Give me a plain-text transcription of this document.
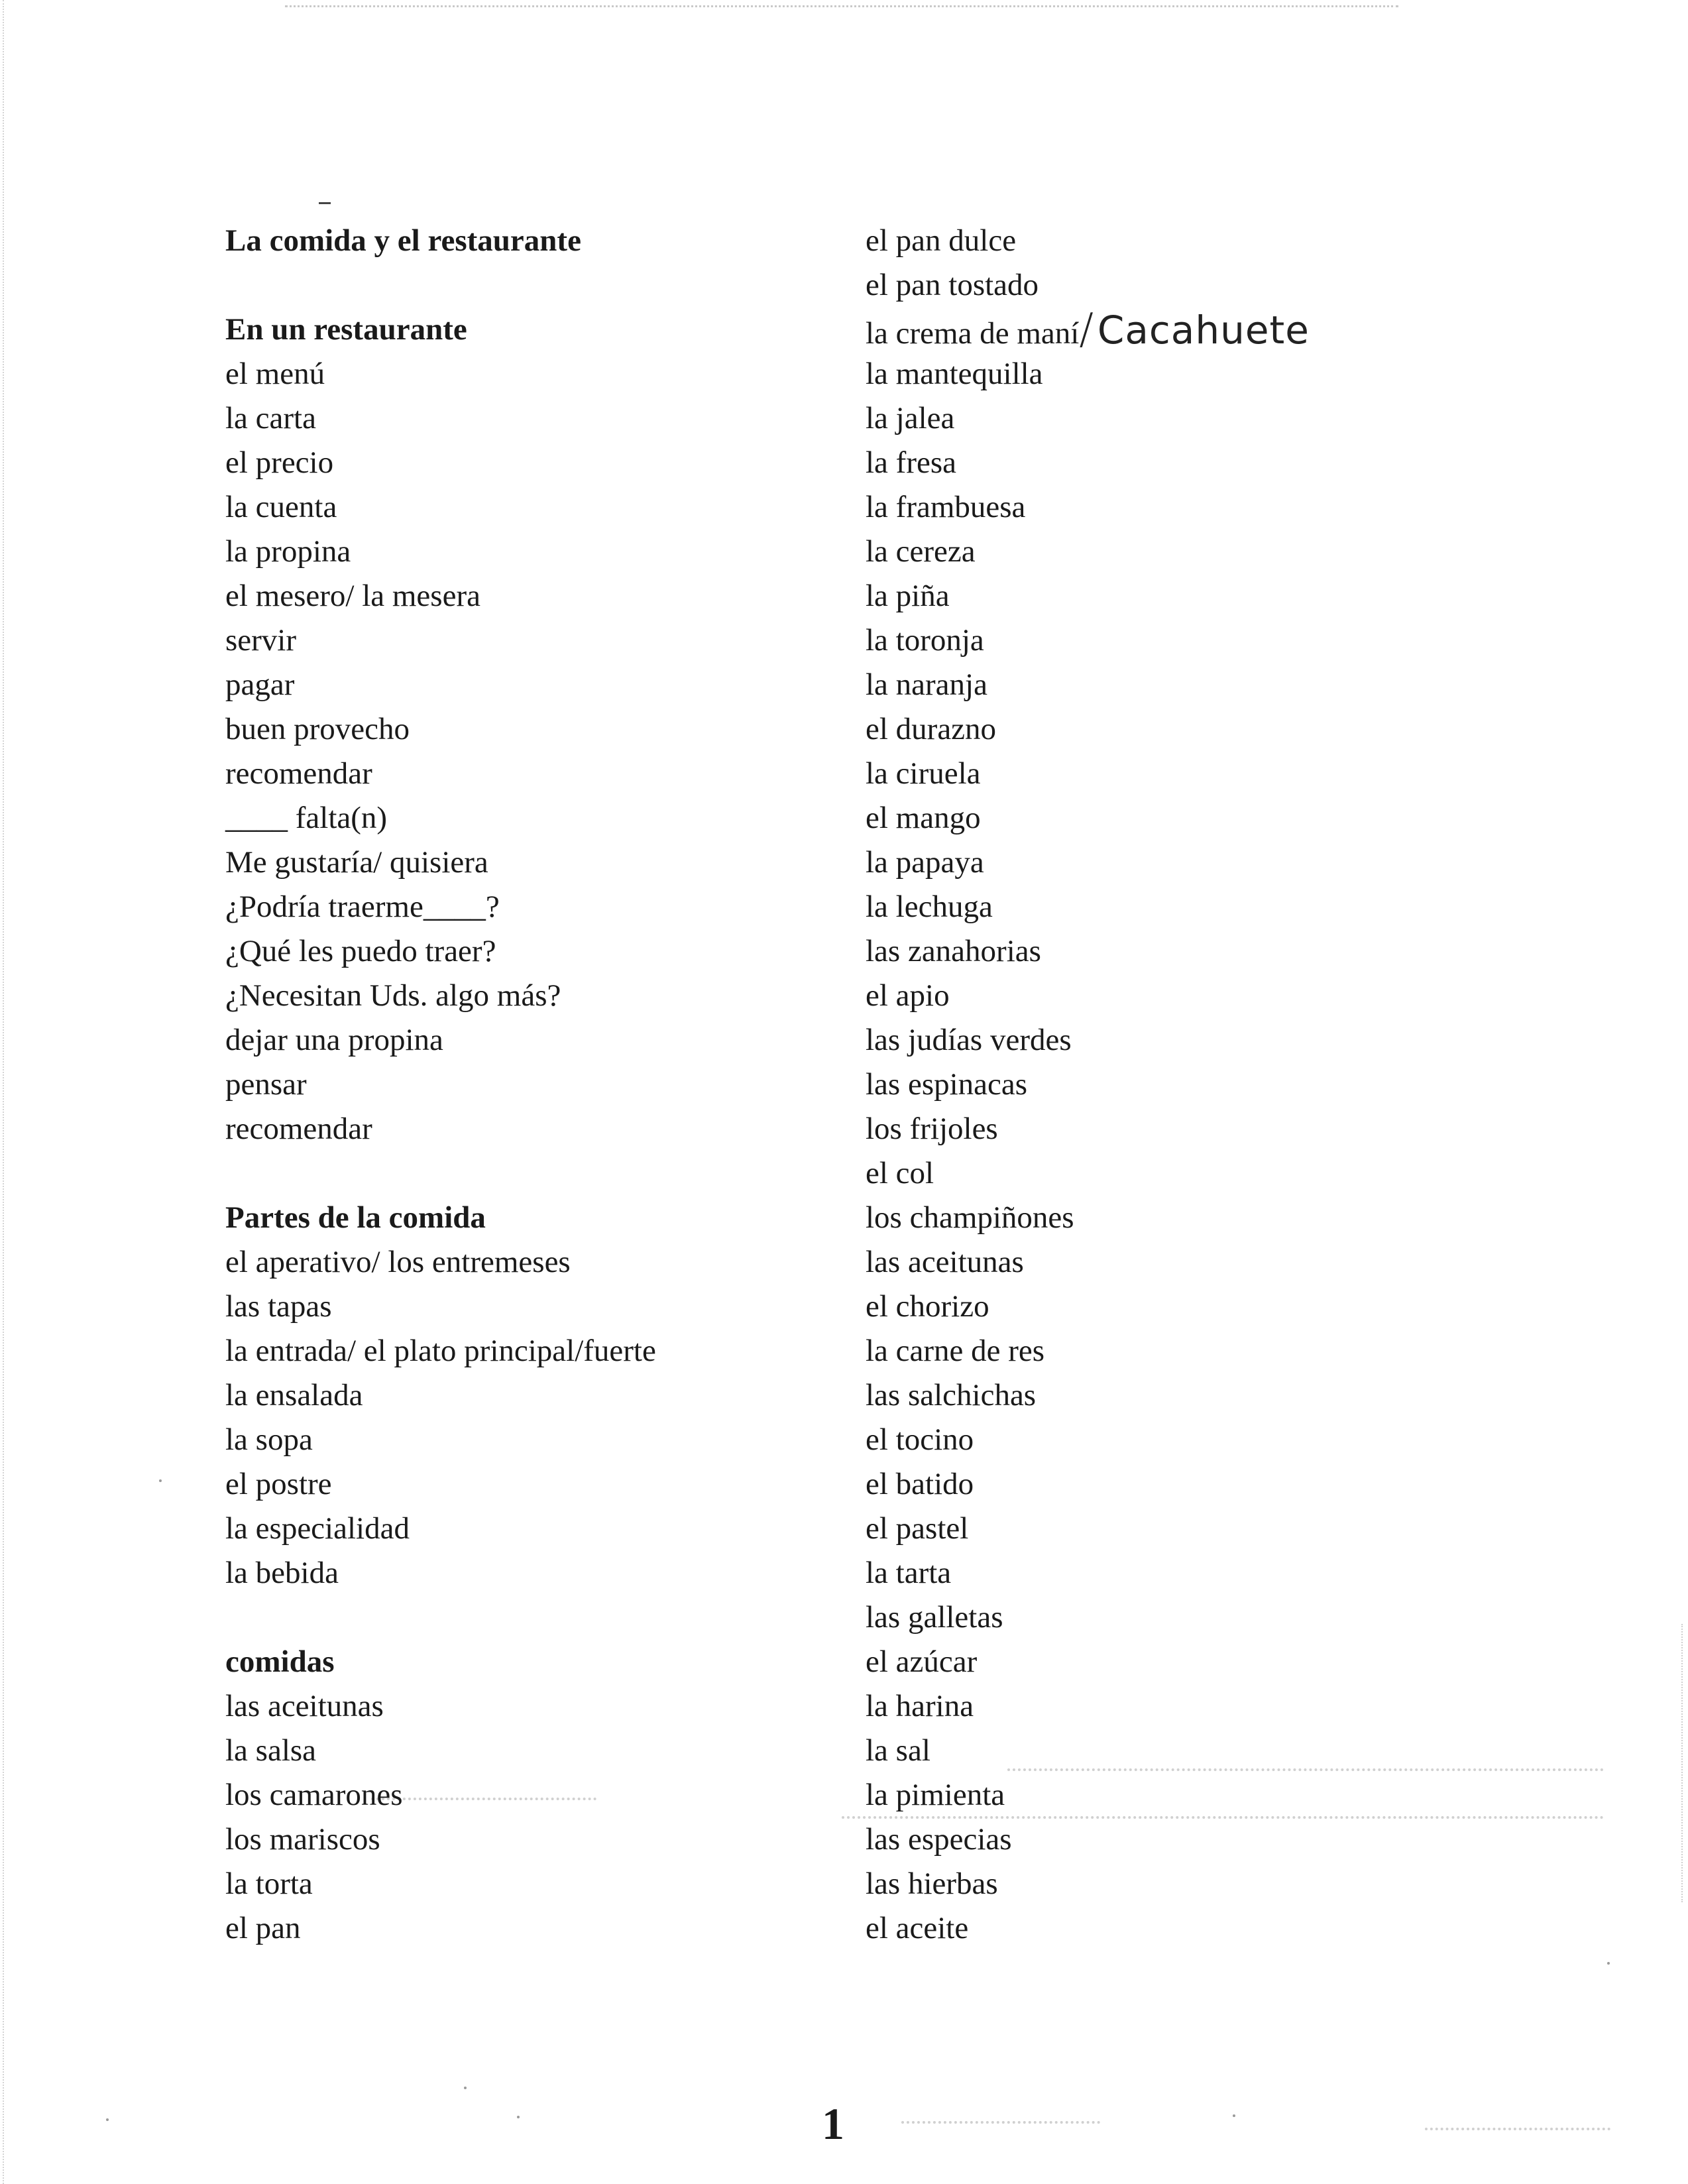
La comida y el restaurante
En un restaurante
el menú
la carta
el precio
la cuenta
la propina
el mesero/ la mesera
servir
pagar
buen provecho
recomendar
____ falta(n)
Me gustaría/ quisiera
¿Podría traerme____?
¿Qué les puedo traer?
¿Necesitan Uds. algo más?
dejar una propina
pensar
recomendar
Partes de la comida
el aperativo/ los entremeses
las tapas
la entrada/ el plato principal/fuerte
la ensalada
la sopa
el postre
la especialidad
la bebida
comidas
las aceitunas
la salsa
los camarones
los mariscos
la torta
el pan
el pan dulce
el pan tostado
la crema de maní/ Cacahuete
la mantequilla
la jalea
la fresa
la frambuesa
la cereza
la piña
la toronja
la naranja
el durazno
la ciruela
el mango
la papaya
la lechuga
las zanahorias
el apio
las judías verdes
las espinacas
los frijoles
el col
los champiñones
las aceitunas
el chorizo
la carne de res
las salchichas
el tocino
el batido
el pastel
la tarta
las galletas
el azúcar
la harina
la sal
la pimienta
las especias
las hierbas
el aceite
1
